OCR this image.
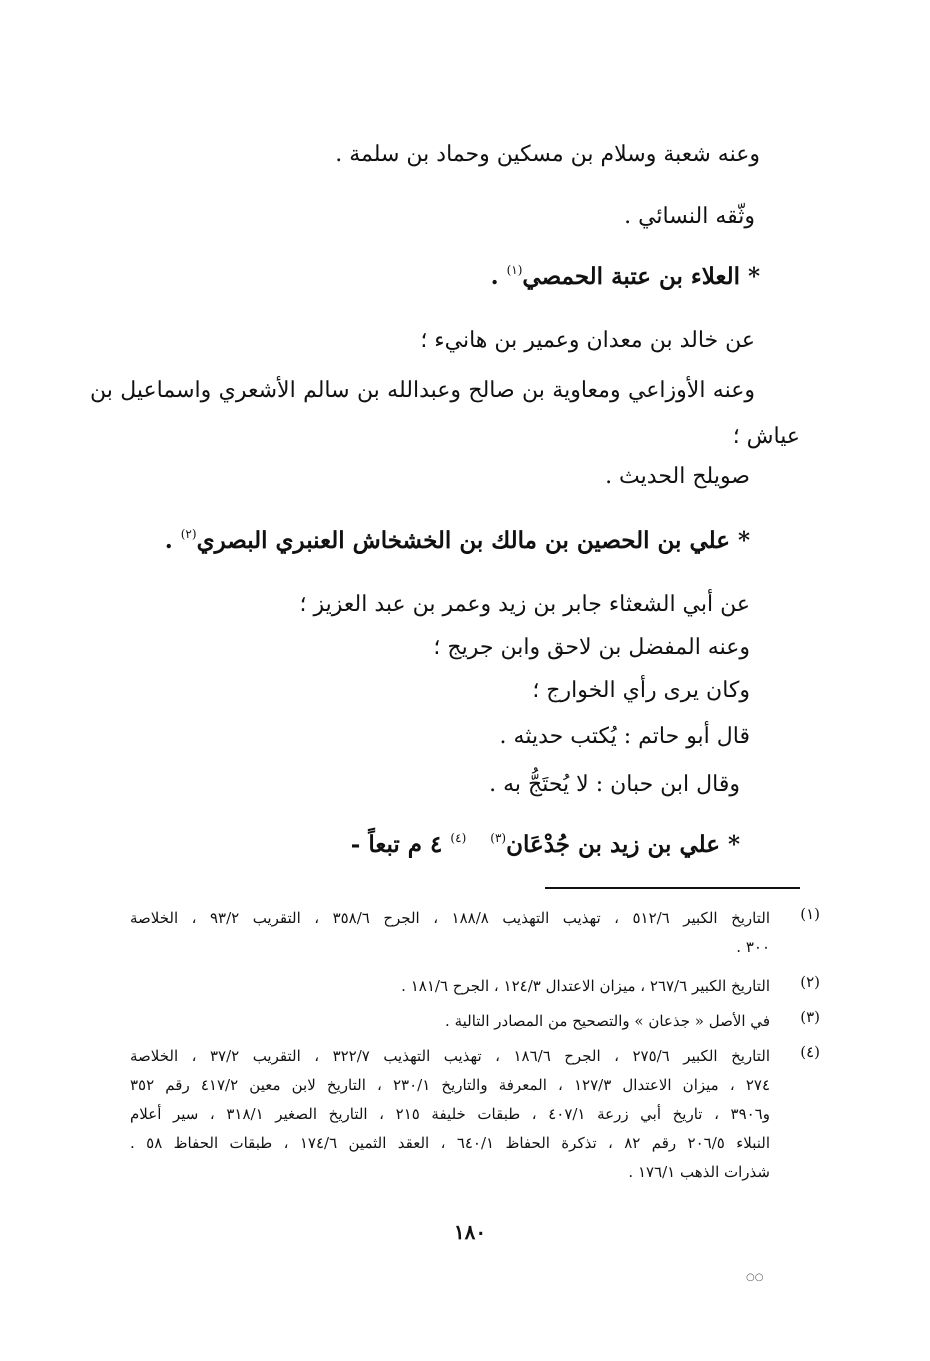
وعنه شعبة وسلام بن مسكين وحماد بن سلمة .
وثّقه النسائي .
* العلاء بن عتبة الحمصي$^{(١)}$ .
عن خالد بن معدان وعمير بن هانيء ؛
وعنه الأوزاعي ومعاوية بن صالح وعبدالله بن سالم الأشعري واسماعيل بن
عياش ؛
صويلح الحديث .
* علي بن الحصين بن مالك بن الخشخاش العنبري البصري$^{(٢)}$ .
عن أبي الشعثاء جابر بن زيد وعمر بن عبد العزيز ؛
وعنه المفضل بن لاحق وابن جريج ؛
وكان يرى رأي الخوارج ؛
قال أبو حاتم : يُكتب حديثه .
وقال ابن حبان : لا يُحتَجُّ به .
* علي بن زيد بن جُدْعَان$^{(٣)}$   $^{(٤)}$ ٤ م تبعاً -
(١)
التاريخ الكبير ٥١٢/٦ ، تهذيب التهذيب ١٨٨/٨ ، الجرح ٣٥٨/٦ ، التقريب ٩٣/٢ ، الخلاصة
٣٠٠ .
(٢)
التاريخ الكبير ٢٦٧/٦ ، ميزان الاعتدال ١٢٤/٣ ، الجرح ١٨١/٦ .
(٣)
في الأصل « جذعان » والتصحيح من المصادر التالية .
(٤)
التاريخ الكبير ٢٧٥/٦ ، الجرح ١٨٦/٦ ، تهذيب التهذيب ٣٢٢/٧ ، التقريب ٣٧/٢ ، الخلاصة
٢٧٤ ، ميزان الاعتدال ١٢٧/٣ ، المعرفة والتاريخ ٢٣٠/١ ، التاريخ لابن معين ٤١٧/٢ رقم ٣٥٢
و٣٩٠٦ ، تاريخ أبي زرعة ٤٠٧/١ ، طبقات خليفة ٢١٥ ، التاريخ الصغير ٣١٨/١ ، سير أعلام
النبلاء ٢٠٦/٥ رقم ٨٢ ، تذكرة الحفاظ ٦٤٠/١ ، العقد الثمين ١٧٤/٦ ، طبقات الحفاظ ٥٨ .
شذرات الذهب ١٧٦/١ .
١٨٠
○○
